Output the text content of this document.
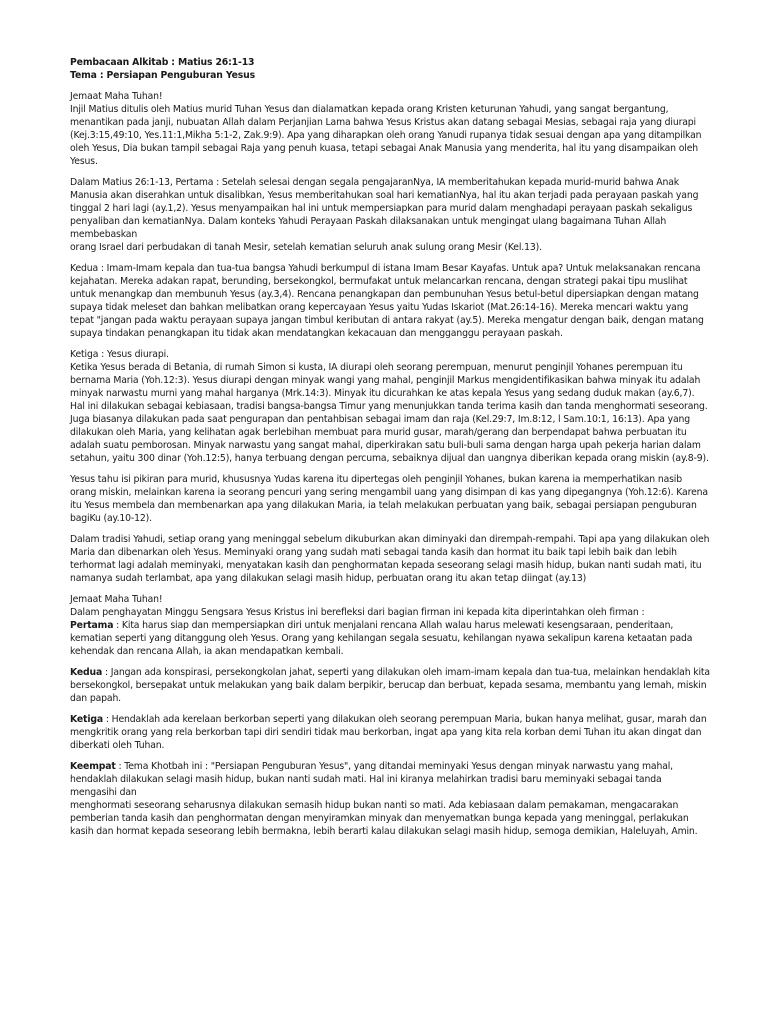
Pembacaan Alkitab : Matius 26:1-13
Tema : Persiapan Penguburan Yesus
Jemaat Maha Tuhan!
Injil Matius ditulis oleh Matius murid Tuhan Yesus dan dialamatkan kepada orang Kristen keturunan Yahudi, yang sangat bergantung, menantikan pada janji, nubuatan Allah dalam Perjanjian Lama bahwa Yesus Kristus akan datang sebagai Mesias, sebagai raja yang diurapi (Kej.3:15,49:10, Yes.11:1,Mikha 5:1-2, Zak.9:9). Apa yang diharapkan oleh orang Yanudi rupanya tidak sesuai dengan apa yang ditampilkan oleh Yesus, Dia bukan tampil sebagai Raja yang penuh kuasa, tetapi sebagai Anak Manusia yang menderita, hal itu yang disampaikan oleh Yesus.
Dalam Matius 26:1-13, Pertama : Setelah selesai dengan segala pengajaranNya, IA memberitahukan kepada murid-murid bahwa Anak Manusia akan diserahkan untuk disalibkan, Yesus memberitahukan soal hari kematianNya, hal itu akan terjadi pada perayaan paskah yang tinggal 2 hari lagi (ay.1,2). Yesus menyampaikan hal ini untuk mempersiapkan para murid dalam menghadapi perayaan paskah sekaligus penyaliban dan kematianNya. Dalam konteks Yahudi Perayaan Paskah dilaksanakan untuk mengingat ulang bagaimana Tuhan Allah membebaskan
orang Israel dari perbudakan di tanah Mesir, setelah kematian seluruh anak sulung orang Mesir (Kel.13).
Kedua : Imam-Imam kepala dan tua-tua bangsa Yahudi berkumpul di istana Imam Besar Kayafas. Untuk apa? Untuk melaksanakan rencana kejahatan. Mereka adakan rapat, berunding, bersekongkol, bermufakat untuk melancarkan rencana, dengan strategi pakai tipu muslihat untuk menangkap dan membunuh Yesus (ay.3,4). Rencana penangkapan dan pembunuhan Yesus betul-betul dipersiapkan dengan matang supaya tidak meleset dan bahkan melibatkan orang kepercayaan Yesus yaitu Yudas Iskariot (Mat.26:14-16). Mereka mencari waktu yang tepat "jangan pada waktu perayaan supaya jangan timbul keributan di antara rakyat (ay.5). Mereka mengatur dengan baik, dengan matang supaya tindakan penangkapan itu tidak akan mendatangkan kekacauan dan mengganggu perayaan paskah.
Ketiga : Yesus diurapi.
Ketika Yesus berada di Betania, di rumah Simon si kusta, IA diurapi oleh seorang perempuan, menurut penginjil Yohanes perempuan itu bernama Maria (Yoh.12:3). Yesus diurapi dengan minyak wangi yang mahal, penginjil Markus mengidentifikasikan bahwa minyak itu adalah minyak narwastu murni yang mahal harganya (Mrk.14:3). Minyak itu dicurahkan ke atas kepala Yesus yang sedang duduk makan (ay.6,7). Hal ini dilakukan sebagai kebiasaan, tradisi bangsa-bangsa Timur yang menunjukkan tanda terima kasih dan tanda menghormati seseorang. Juga biasanya dilakukan pada saat pengurapan dan pentahbisan sebagai imam dan raja (Kel.29:7, Im.8:12, l Sam.10:1, 16:13). Apa yang dilakukan oleh Maria, yang kelihatan agak berlebihan membuat para murid gusar, marah/gerang dan berpendapat bahwa perbuatan itu adalah suatu pemborosan. Minyak narwastu yang sangat mahal, diperkirakan satu buli-buli sama dengan harga upah pekerja harian dalam setahun, yaitu 300 dinar (Yoh.12:5), hanya terbuang dengan percuma, sebaiknya dijual dan uangnya diberikan kepada orang miskin (ay.8-9).
Yesus tahu isi pikiran para murid, khususnya Yudas karena itu dipertegas oleh penginjil Yohanes, bukan karena ia memperhatikan nasib orang miskin, melainkan karena ia seorang pencuri yang sering mengambil uang yang disimpan di kas yang dipegangnya (Yoh.12:6). Karena itu Yesus membela dan membenarkan apa yang dilakukan Maria, ia telah melakukan perbuatan yang baik, sebagai persiapan penguburan bagiKu (ay.10-12).
Dalam tradisi Yahudi, setiap orang yang meninggal sebelum dikuburkan akan diminyaki dan dirempah-rempahi. Tapi apa yang dilakukan oleh Maria dan dibenarkan oleh Yesus. Meminyaki orang yang sudah mati sebagai tanda kasih dan hormat itu baik tapi lebih baik dan lebih terhormat lagi adalah meminyaki, menyatakan kasih dan penghormatan kepada seseorang selagi masih hidup, bukan nanti sudah mati, itu namanya sudah terlambat, apa yang dilakukan selagi masih hidup, perbuatan orang itu akan tetap diingat (ay.13)
Jemaat Maha Tuhan!
Dalam penghayatan Minggu Sengsara Yesus Kristus ini berefleksi dari bagian firman ini kepada kita diperintahkan oleh firman :
Pertama : Kita harus siap dan mempersiapkan diri untuk menjalani rencana Allah walau harus melewati kesengsaraan, penderitaan, kematian seperti yang ditanggung oleh Yesus. Orang yang kehilangan segala sesuatu, kehilangan nyawa sekalipun karena ketaatan pada kehendak dan rencana Allah, ia akan mendapatkan kembali.
Kedua : Jangan ada konspirasi, persekongkolan jahat, seperti yang dilakukan oleh imam-imam kepala dan tua-tua, melainkan hendaklah kita bersekongkol, bersepakat untuk melakukan yang baik dalam berpikir, berucap dan berbuat, kepada sesama, membantu yang lemah, miskin dan papah.
Ketiga : Hendaklah ada kerelaan berkorban seperti yang dilakukan oleh seorang perempuan Maria, bukan hanya melihat, gusar, marah dan mengkritik orang yang rela berkorban tapi diri sendiri tidak mau berkorban, ingat apa yang kita rela korban demi Tuhan itu akan dingat dan diberkati oleh Tuhan.
Keempat : Tema Khotbah ini : "Persiapan Penguburan Yesus", yang ditandai meminyaki Yesus dengan minyak narwastu yang mahal, hendaklah dilakukan selagi masih hidup, bukan nanti sudah mati. Hal ini kiranya melahirkan tradisi baru meminyaki sebagai tanda mengasihi dan
menghormati seseorang seharusnya dilakukan semasih hidup bukan nanti so mati. Ada kebiasaan dalam pemakaman, mengacarakan pemberian tanda kasih dan penghormatan dengan menyiramkan minyak dan menyematkan bunga kepada yang meninggal, perlakukan kasih dan hormat kepada seseorang lebih bermakna, lebih berarti kalau dilakukan selagi masih hidup, semoga demikian, Haleluyah, Amin.
